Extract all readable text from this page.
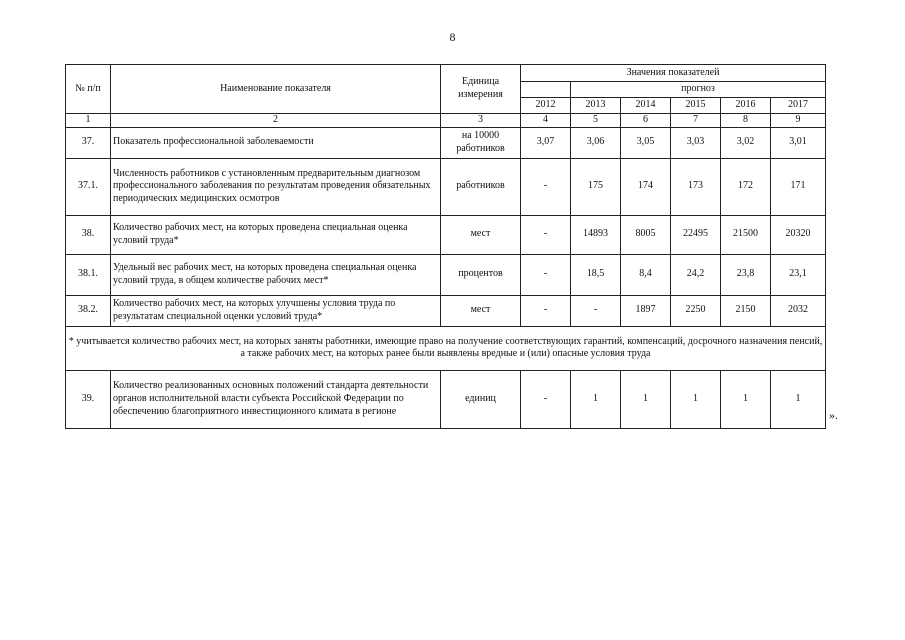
8
№ п/п	Наименование показателя	Единица измерения	Значения показателей					
				прогноз				
			2012	2013	2014	2015	2016	2017
1	2	3	4	5	6	7	8	9
37.	Показатель профессиональной заболеваемости	на 10000 работников	3,07	3,06	3,05	3,03	3,02	3,01
37.1.	Численность работников с установленным предварительным диагнозом профессионального заболевания по результатам проведения обязательных периодических медицинских осмотров	работников	-	175	174	173	172	171
38.	Количество рабочих мест, на которых проведена специальная оценка условий труда*	мест	-	14893	8005	22495	21500	20320
38.1.	Удельный вес рабочих мест, на которых проведена специальная оценка условий труда, в общем количестве рабочих мест*	процентов	-	18,5	8,4	24,2	23,8	23,1
38.2.	Количество рабочих мест, на которых улучшены условия труда по результатам специальной оценки условий труда*	мест	-	-	1897	2250	2150	2032
* учитывается количество рабочих мест, на которых заняты работники, имеющие право на получение соответствующих гарантий, компенсаций, досрочного назначения пенсий, а также рабочих мест, на которых ранее были выявлены вредные и (или) опасные условия труда								
39.	Количество реализованных основных положений стандарта деятельности органов исполнительной власти субъекта Российской Федерации по обеспечению благоприятного инвестиционного климата в регионе	единиц	-	1	1	1	1	1
».
